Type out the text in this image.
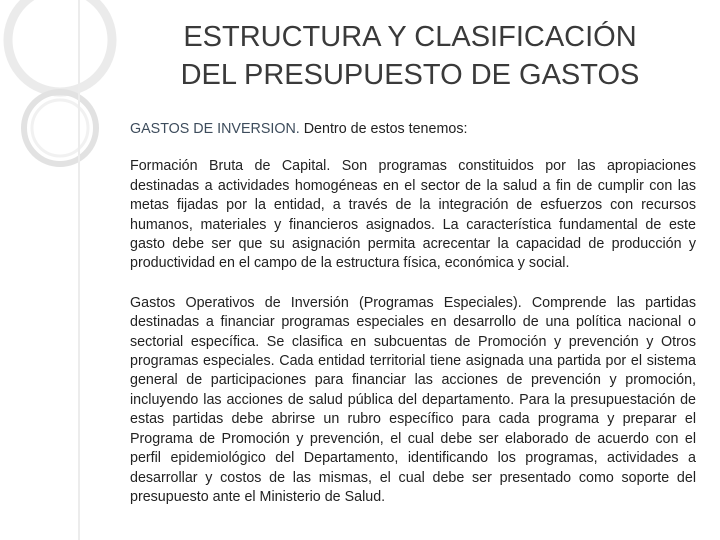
ESTRUCTURA Y CLASIFICACIÓN
DEL PRESUPUESTO DE GASTOS

GASTOS DE INVERSION. Dentro de estos tenemos:

Formación Bruta de Capital. Son programas constituidos por las apropiaciones destinadas a actividades homogéneas en el sector de la salud a fin de cumplir con las metas fijadas por la entidad, a través de la integración de esfuerzos con recursos humanos, materiales y financieros asignados. La característica fundamental de este gasto debe ser que su asignación permita acrecentar la capacidad de producción y productividad en el campo de la estructura física, económica y social.

Gastos Operativos de Inversión (Programas Especiales). Comprende las partidas destinadas a financiar programas especiales en desarrollo de una política nacional o sectorial específica. Se clasifica en subcuentas de Promoción y prevención y Otros programas especiales. Cada entidad territorial tiene asignada una partida por el sistema general de participaciones para financiar las acciones de prevención y promoción, incluyendo las acciones de salud pública del departamento. Para la presupuestación de estas partidas debe abrirse un rubro específico para cada programa y preparar el Programa de Promoción y prevención, el cual debe ser elaborado de acuerdo con el perfil epidemiológico del Departamento, identificando los programas, actividades a desarrollar y costos de las mismas, el cual debe ser presentado como soporte del presupuesto ante el Ministerio de Salud.
